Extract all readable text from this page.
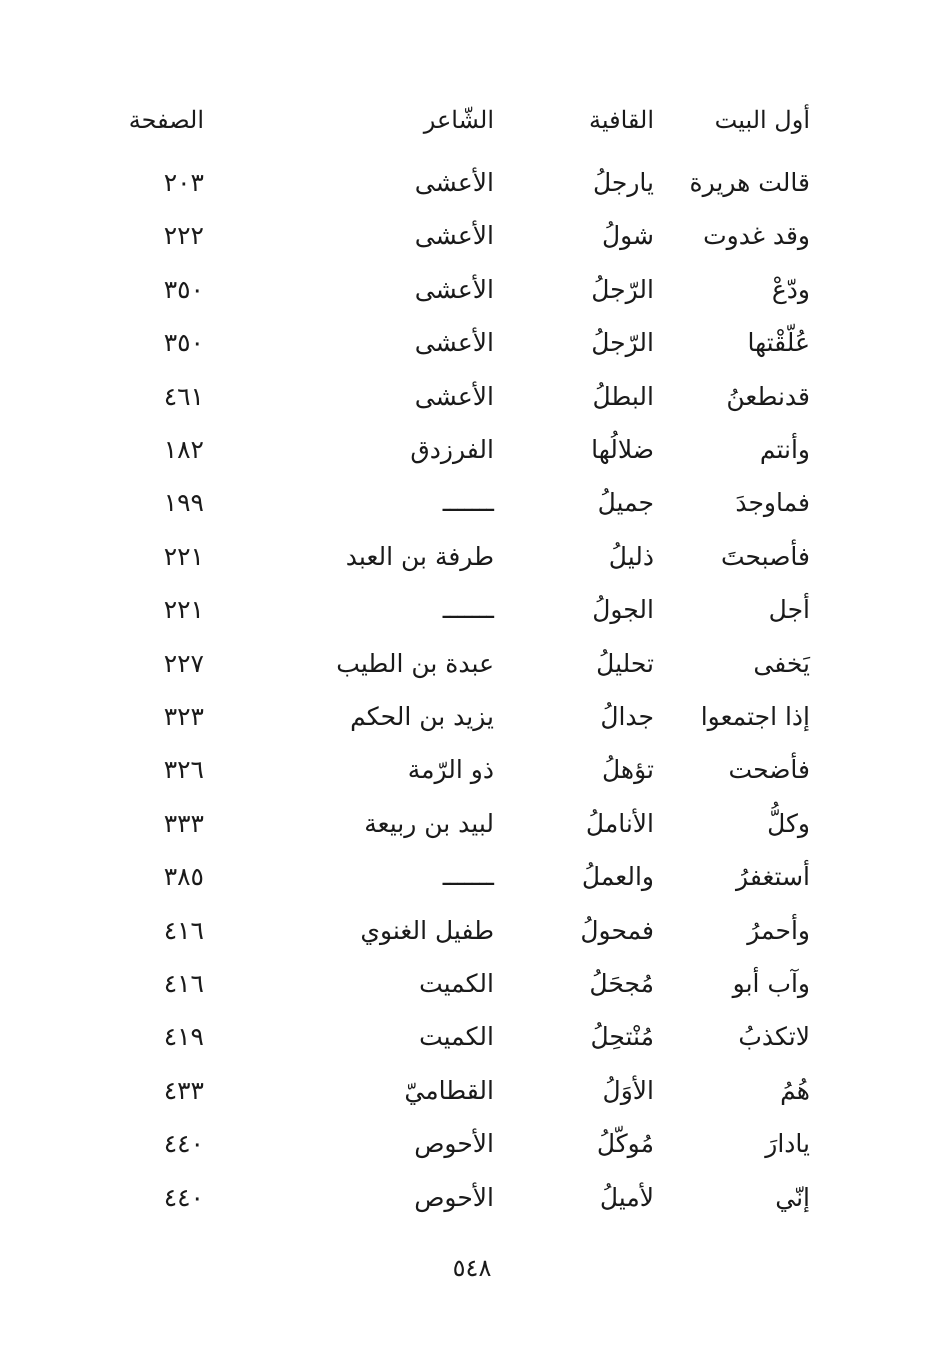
أول البيت
القافية
الشّاعر
الصفحة
قالت هريرة
يارجلُ
الأعشى
٢٠٣
وقد غدوت
شولُ
الأعشى
٢٢٢
ودّعْ
الرّجلُ
الأعشى
٣٥٠
عُلّقْتها
الرّجلُ
الأعشى
٣٥٠
قدنطعنُ
البطلُ
الأعشى
٤٦١
وأنتم
ضلالُها
الفرزدق
١٨٢
فماوجدَ
جميلُ
ـــــــ
١٩٩
فأصبحتَ
ذليلُ
طرفة بن العبد
٢٢١
أجل
الجولُ
ـــــــ
٢٢١
يَخفى
تحليلُ
عبدة بن الطيب
٢٢٧
إذا اجتمعوا
جدالُ
يزيد بن الحكم
٣٢٣
فأضحت
تؤهلُ
ذو الرّمة
٣٢٦
وكلُّ
الأناملُ
لبيد بن ربيعة
٣٣٣
أستغفرُ
والعملُ
ـــــــ
٣٨٥
وأحمرُ
فمحولُ
طفيل الغنوي
٤١٦
وآب أبو
مُجحَلُ
الكميت
٤١٦
لاتكذبُ
مُنْتحِلُ
الكميت
٤١٩
هُمُ
الأوَلُ
القطاميّ
٤٣٣
يادارَ
مُوكّلُ
الأحوص
٤٤٠
إنّي
لأميلُ
الأحوص
٤٤٠
٥٤٨
